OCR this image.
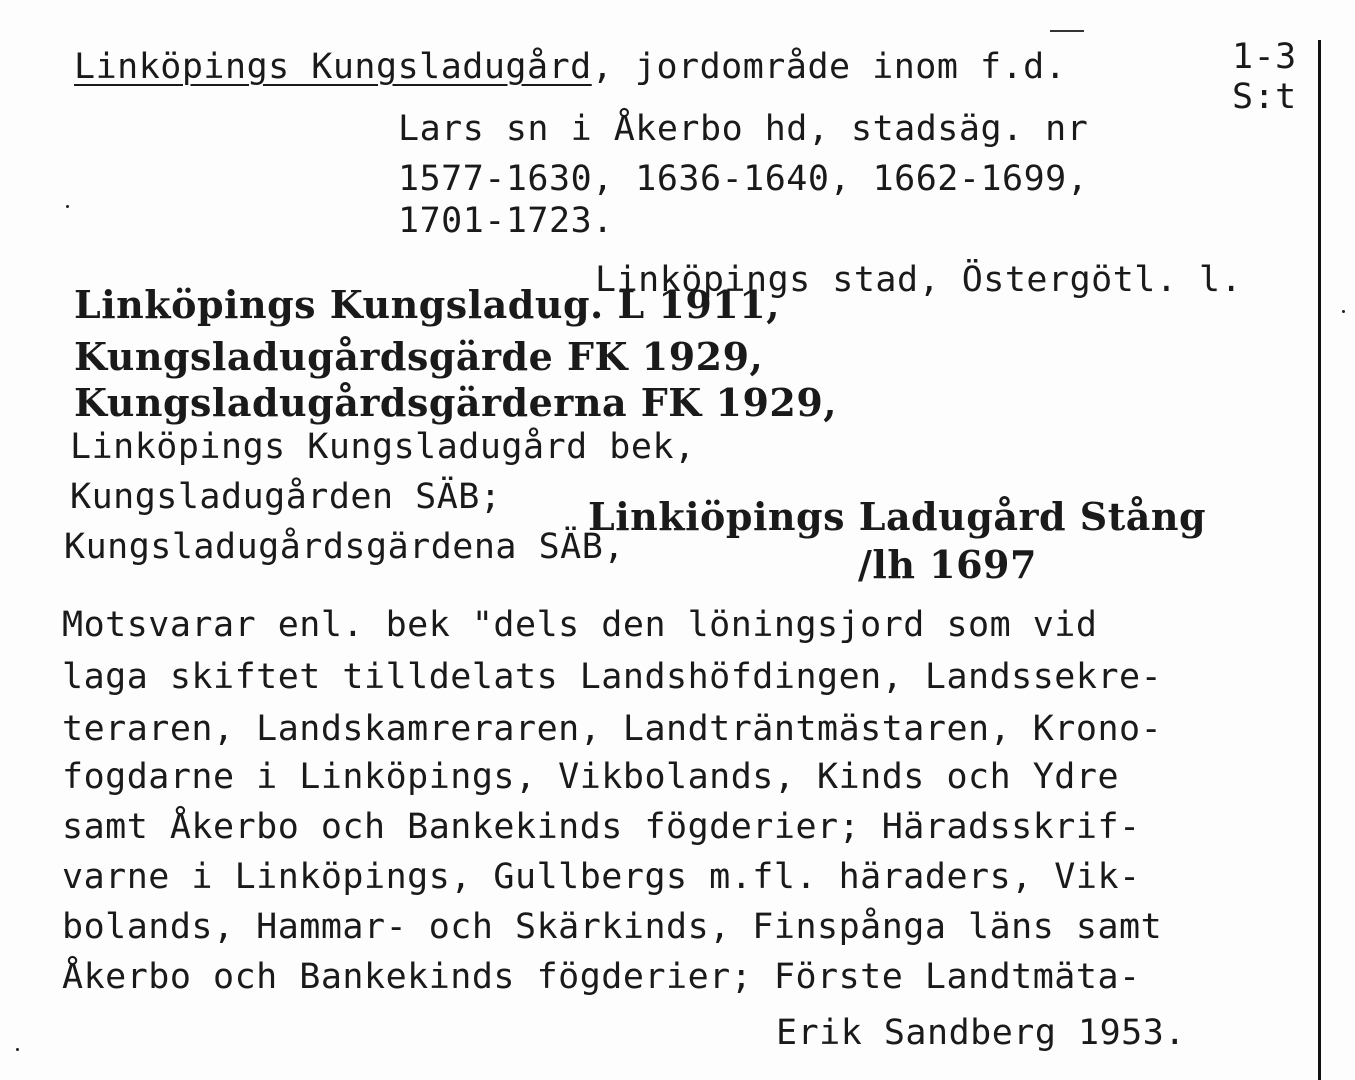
1-3
S:t
Linköpings Kungsladugård, jordområde inom f.d.
Lars sn i Åkerbo hd, stadsäg. nr
1577-1630, 1636-1640, 1662-1699,
1701-1723.
Linköpings stad, Östergötl. l.
Linköpings Kungsladug. L 1911,
Kungsladugårdsgärde FK 1929,
Kungsladugårdsgärderna FK 1929,
Linköpings Kungsladugård bek,
Kungsladugården SÄB; Linkiöpings Ladugård Stång
Kungsladugårdsgärdena SÄB,	/lh 1697
Motsvarar enl. bek "dels den löningsjord som vid
laga skiftet tilldelats Landshöfdingen, Landssekre-
teraren, Landskamreraren, Landträntmästaren, Krono-
fogdarne i Linköpings, Vikbolands, Kinds och Ydre
samt Åkerbo och Bankekinds fögderier; Häradsskrif-
varne i Linköpings, Gullbergs m.fl. häraders, Vik-
bolands, Hammar- och Skärkinds, Finspånga läns samt
Åkerbo och Bankekinds fögderier; Förste Landtmäta-
Erik Sandberg 1953.
